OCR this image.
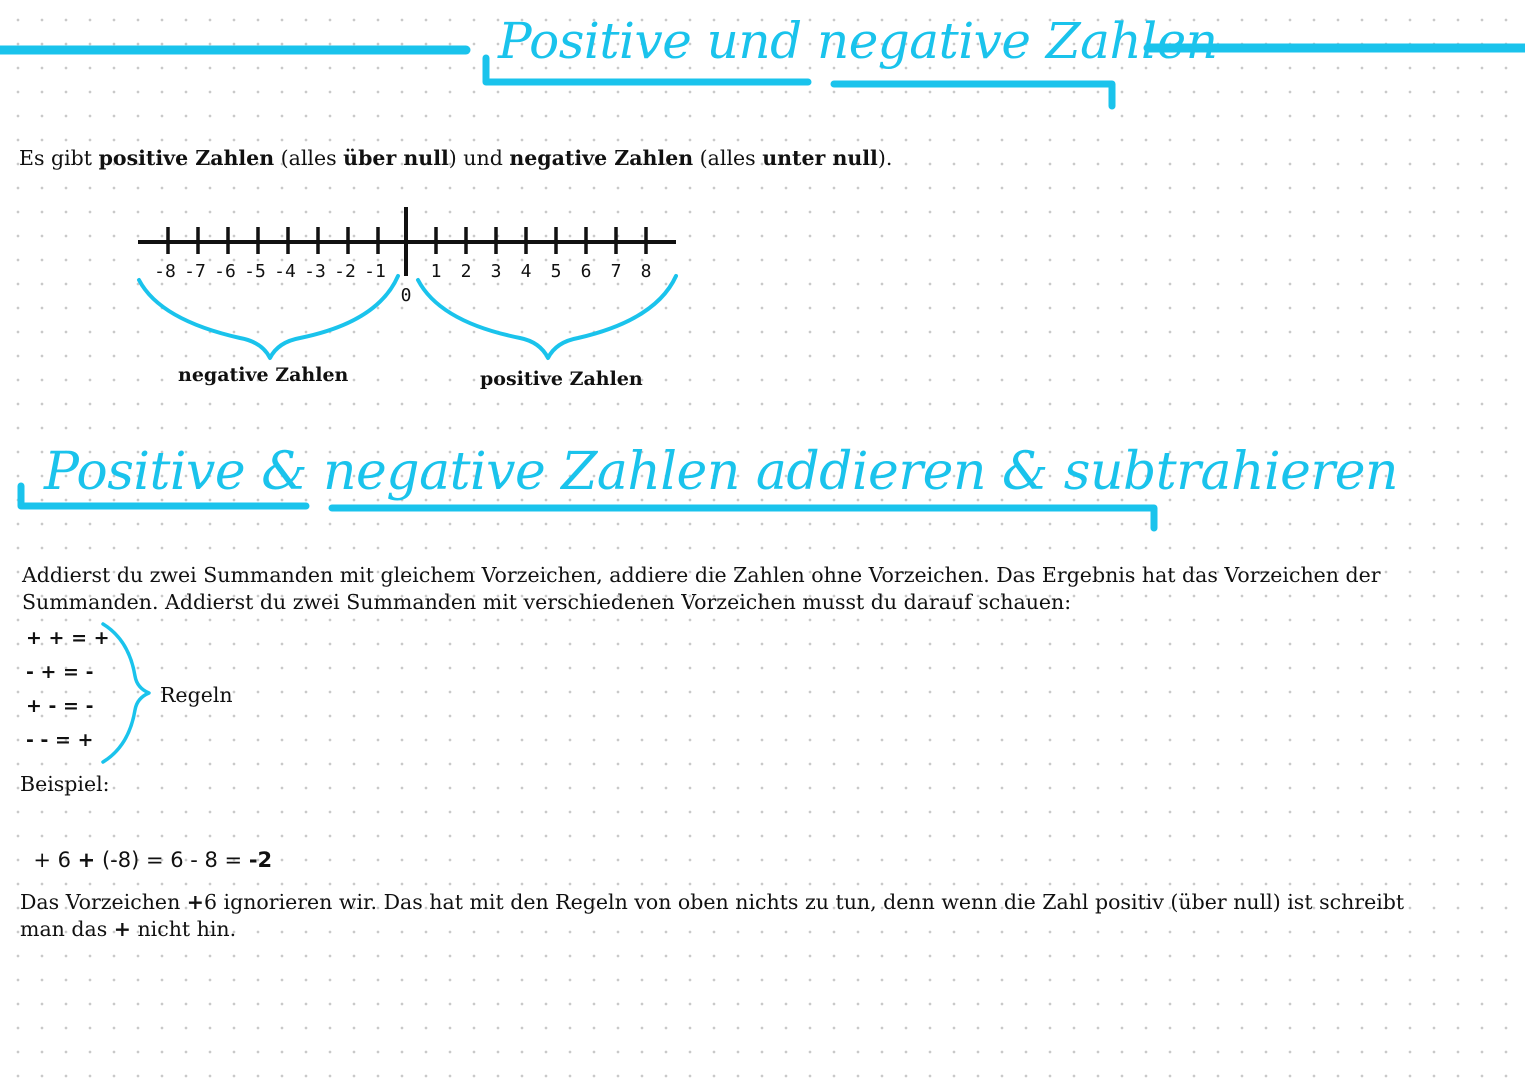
Positive und negative Zahlen
Es gibt positive Zahlen (alles über null) und negative Zahlen (alles unter null).
-8 -7 -6 -5 -4 -3 -2 -1 1 2 3 4 5 6 7 8
0
negative Zahlen	positive Zahlen
Positive & negative Zahlen addieren & subtrahieren
Addierst du zwei Summanden mit gleichem Vorzeichen, addiere die Zahlen ohne Vorzeichen. Das Ergebnis hat das Vorzeichen der
Summanden. Addierst du zwei Summanden mit verschiedenen Vorzeichen musst du darauf schauen:
+ + = +
- + = -
+ - = -
- - = +
Regeln
Beispiel:

+ 6 + (-8) = 6 - 8 = -2

Das Vorzeichen +6 ignorieren wir. Das hat mit den Regeln von oben nichts zu tun, denn wenn die Zahl positiv (über null) ist schreibt
man das + nicht hin.
